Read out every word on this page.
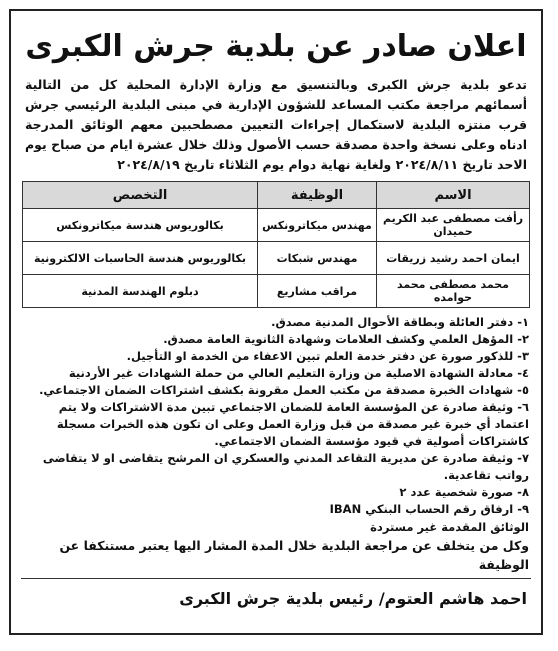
اعلان صادر عن بلدية جرش الكبرى
تدعو بلدية جرش الكبرى وبالتنسيق مع وزارة الإدارة المحلية كل من التالية أسمائهم مراجعة مكتب المساعد للشؤون الإدارية في مبنى البلدية الرئيسي جرش قرب منتزه البلدية لاستكمال إجراءات التعيين مصطحبين معهم الوثائق المدرجة ادناه وعلى نسخة واحدة مصدقة حسب الأصول وذلك خلال عشرة ايام من صباح يوم الاحد تاريخ ٢٠٢٤/٨/١١ ولغاية نهاية دوام يوم الثلاثاء تاريخ ٢٠٢٤/٨/١٩
الاسم	الوظيفة	التخصص
رأفت مصطفى عبد الكريم حميدان	مهندس ميكاترونكس	بكالوريوس هندسة ميكاترونكس
ايمان احمد رشيد زريقات	مهندس شبكات	بكالوريوس هندسة الحاسبات الالكترونية
محمد مصطفى محمد حوامده	مراقب مشاريع	دبلوم الهندسة المدنية
١- دفتر العائلة وبطاقة الأحوال المدنية مصدق.
٢- المؤهل العلمي وكشف العلامات وشهادة الثانوية العامة مصدق.
٣- للذكور صورة عن دفتر خدمة العلم تبين الاعفاء من الخدمة او التأجيل.
٤- معادلة الشهادة الاصلية من وزارة التعليم العالي من حملة الشهادات غير الأردنية
٥- شهادات الخبرة مصدقة من مكتب العمل مقرونة بكشف اشتراكات الضمان الاجتماعي.
٦- وثيقة صادرة عن المؤسسة العامة للضمان الاجتماعي تبين مدة الاشتراكات ولا يتم اعتماد أي خبرة غير مصدقة من قبل وزارة العمل وعلى ان تكون هذه الخبرات مسجلة كاشتراكات أصولية في قيود مؤسسة الضمان الاجتماعي.
٧- وثيقة صادرة عن مديرية التقاعد المدني والعسكري ان المرشح يتقاضى او لا يتقاضى رواتب تقاعدية.
٨- صورة شخصية عدد ٢
٩- ارفاق رقم الحساب البنكي IBAN
الوثائق المقدمة غير مستردة
وكل من يتخلف عن مراجعة البلدية خلال المدة المشار اليها يعتبر مستنكفا عن الوظيفة
احمد هاشم العتوم/ رئيس بلدية جرش الكبرى
